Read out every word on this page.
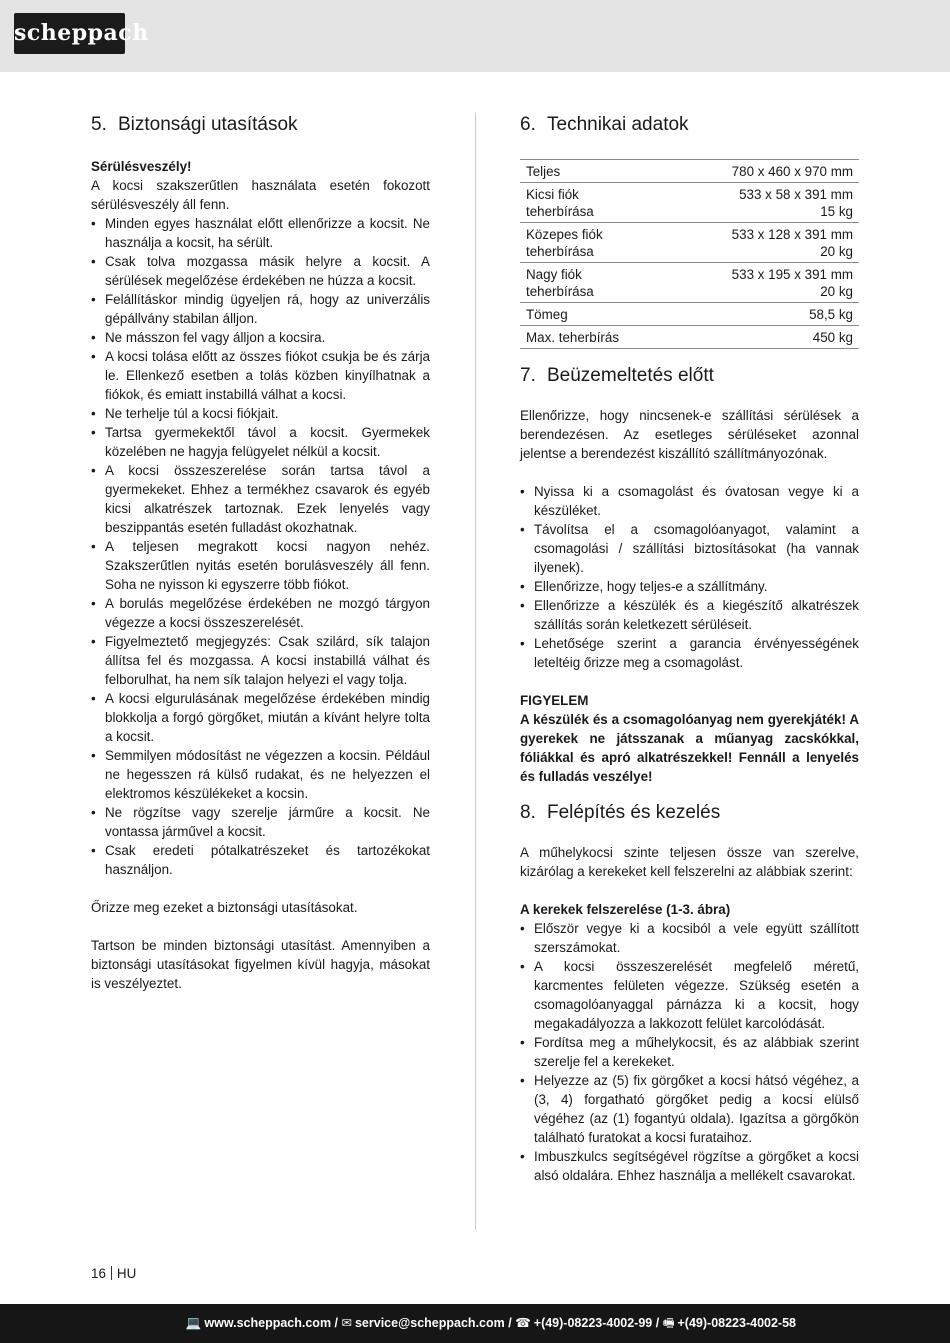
scheppach
5. Biztonsági utasítások

Sérülésveszély!

A kocsi szakszerűtlen használata esetén fokozott sérülésveszély áll fenn.

• Minden egyes használat előtt ellenőrizze a kocsit. Ne használja a kocsit, ha sérült.
• Csak tolva mozgassa másik helyre a kocsit. A sérülések megelőzése érdekében ne húzza a kocsit.
• Felállításkor mindig ügyeljen rá, hogy az univerzális gépállvány stabilan álljon.
• Ne másszon fel vagy álljon a kocsira.
• A kocsi tolása előtt az összes fiókot csukja be és zárja le. Ellenkező esetben a tolás közben kinyílhatnak a fiókok, és emiatt instabillá válhat a kocsi.
• Ne terhelje túl a kocsi fiókjait.
• Tartsa gyermekektől távol a kocsit. Gyermekek közelében ne hagyja felügyelet nélkül a kocsit.
• A kocsi összeszerelése során tartsa távol a gyermekeket. Ehhez a termékhez csavarok és egyéb kicsi alkatrészek tartoznak. Ezek lenyelés vagy beszippantás esetén fulladást okozhatnak.
• A teljesen megrakott kocsi nagyon nehéz. Szakszerűtlen nyitás esetén borulásveszély áll fenn. Soha ne nyisson ki egyszerre több fiókot.
• A borulás megelőzése érdekében ne mozgó tárgyon végezze a kocsi összeszerelését.
• Figyelmeztető megjegyzés: Csak szilárd, sík talajon állítsa fel és mozgassa. A kocsi instabillá válhat és felborulhat, ha nem sík talajon helyezi el vagy tolja.
• A kocsi elgurulásának megelőzése érdekében mindig blokkolja a forgó görgőket, miután a kívánt helyre tolta a kocsit.
• Semmilyen módosítást ne végezzen a kocsin. Például ne hegesszen rá külső rudakat, és ne helyezzen el elektromos készülékeket a kocsin.
• Ne rögzítse vagy szerelje járműre a kocsit. Ne vontassa járművel a kocsit.
• Csak eredeti pótalkatrészeket és tartozékokat használjon.

Őrizze meg ezeket a biztonsági utasításokat.

Tartson be minden biztonsági utasítást. Amennyiben a biztonsági utasításokat figyelmen kívül hagyja, másokat is veszélyeztet.

6. Technikai adatok
Teljes	780 x 460 x 970 mm
Kicsi fiók
teherbírása	533 x 58 x 391 mm
15 kg
Közepes fiók
teherbírása	533 x 128 x 391 mm
20 kg
Nagy fiók
teherbírása	533 x 195 x 391 mm
20 kg
Tömeg	58,5 kg
Max. teherbírás	450 kg
7. Beüzemeltetés előtt

Ellenőrizze, hogy nincsenek-e szállítási sérülések a berendezésen. Az esetleges sérüléseket azonnal jelentse a berendezést kiszállító szállítmányozónak.

• Nyissa ki a csomagolást és óvatosan vegye ki a készüléket.
• Távolítsa el a csomagolóanyagot, valamint a csomagolási / szállítási biztosításokat (ha vannak ilyenek).
• Ellenőrizze, hogy teljes-e a szállítmány.
• Ellenőrizze a készülék és a kiegészítő alkatrészek szállítás során keletkezett sérüléseit.
• Lehetősége szerint a garancia érvényességének leteltéig őrizze meg a csomagolást.

FIGYELEM

A készülék és a csomagolóanyag nem gyerekjáték! A gyerekek ne játsszanak a műanyag zacskókkal, fóliákkal és apró alkatrészekkel! Fennáll a lenyelés és fulladás veszélye!

8. Felépítés és kezelés

A műhelykocsi szinte teljesen össze van szerelve, kizárólag a kerekeket kell felszerelni az alábbiak szerint:

A kerekek felszerelése (1-3. ábra)

• Először vegye ki a kocsiból a vele együtt szállított szerszámokat.
• A kocsi összeszerelését megfelelő méretű, karcmentes felületen végezze. Szükség esetén a csomagolóanyaggal párnázza ki a kocsit, hogy megakadályozza a lakkozott felület karcolódását.
• Fordítsa meg a műhelykocsit, és az alábbiak szerint szerelje fel a kerekeket.
• Helyezze az (5) fix görgőket a kocsi hátsó végéhez, a (3, 4) forgatható görgőket pedig a kocsi elülső végéhez (az (1) fogantyú oldala). Igazítsa a görgőkön található furatokat a kocsi furataihoz.
• Imbuszkulcs segítségével rögzítse a görgőket a kocsi alsó oldalára. Ehhez használja a mellékelt csavarokat.
16 HU
💻 www.scheppach.com / ✉ service@scheppach.com / ☎ +(49)-08223-4002-99 / 🖷 +(49)-08223-4002-58
